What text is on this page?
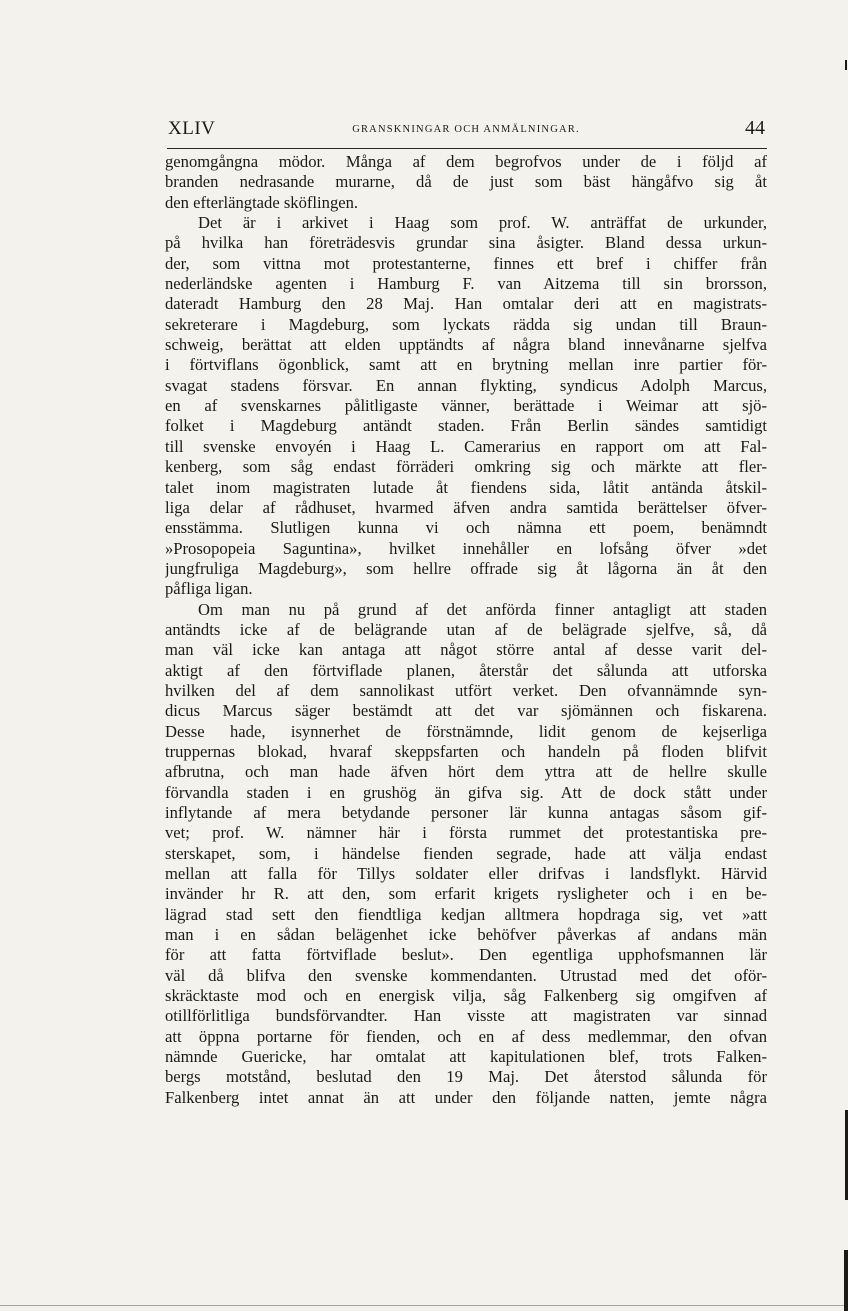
XLIV	GRANSKNINGAR OCH ANMÄLNINGAR.	44
genomgångna mödor. Många af dem begrofvos under de i följd af
branden nedrasande murarne, då de just som bäst hängåfvo sig åt
den efterlängtade sköflingen.
Det är i arkivet i Haag som prof. W. anträffat de urkunder,
på hvilka han företrädesvis grundar sina åsigter. Bland dessa urkun-
der, som vittna mot protestanterne, finnes ett bref i chiffer från
nederländske agenten i Hamburg F. van Aitzema till sin brorsson,
dateradt Hamburg den 28 Maj. Han omtalar deri att en magistrats-
sekreterare i Magdeburg, som lyckats rädda sig undan till Braun-
schweig, berättat att elden upptändts af några bland innevånarne sjelfva
i förtviflans ögonblick, samt att en brytning mellan inre partier för-
svagat stadens försvar. En annan flykting, syndicus Adolph Marcus,
en af svenskarnes pålitligaste vänner, berättade i Weimar att sjö-
folket i Magdeburg antändt staden. Från Berlin sändes samtidigt
till svenske envoyén i Haag L. Camerarius en rapport om att Fal-
kenberg, som såg endast förräderi omkring sig och märkte att fler-
talet inom magistraten lutade åt fiendens sida, låtit antända åtskil-
liga delar af rådhuset, hvarmed äfven andra samtida berättelser öfver-
ensstämma. Slutligen kunna vi och nämna ett poem, benämndt
»Prosopopeia Saguntina», hvilket innehåller en lofsång öfver »det
jungfruliga Magdeburg», som hellre offrade sig åt lågorna än åt den
påfliga ligan.
Om man nu på grund af det anförda finner antagligt att staden
antändts icke af de belägrande utan af de belägrade sjelfve, så, då
man väl icke kan antaga att något större antal af desse varit del-
aktigt af den förtviflade planen, återstår det sålunda att utforska
hvilken del af dem sannolikast utfört verket. Den ofvannämnde syn-
dicus Marcus säger bestämdt att det var sjömännen och fiskarena.
Desse hade, isynnerhet de förstnämnde, lidit genom de kejserliga
truppernas blokad, hvaraf skeppsfarten och handeln på floden blifvit
afbrutna, och man hade äfven hört dem yttra att de hellre skulle
förvandla staden i en grushög än gifva sig. Att de dock stått under
inflytande af mera betydande personer lär kunna antagas såsom gif-
vet; prof. W. nämner här i första rummet det protestantiska pre-
sterskapet, som, i händelse fienden segrade, hade att välja endast
mellan att falla för Tillys soldater eller drifvas i landsflykt. Härvid
invänder hr R. att den, som erfarit krigets rysligheter och i en be-
lägrad stad sett den fiendtliga kedjan alltmera hopdraga sig, vet »att
man i en sådan belägenhet icke behöfver påverkas af andans män
för att fatta förtviflade beslut». Den egentliga upphofsmannen lär
väl då blifva den svenske kommendanten. Utrustad med det oför-
skräcktaste mod och en energisk vilja, såg Falkenberg sig omgifven af
otillförlitliga bundsförvandter. Han visste att magistraten var sinnad
att öppna portarne för fienden, och en af dess medlemmar, den ofvan
nämnde Guericke, har omtalat att kapitulationen blef, trots Falken-
bergs motstånd, beslutad den 19 Maj. Det återstod sålunda för
Falkenberg intet annat än att under den följande natten, jemte några
